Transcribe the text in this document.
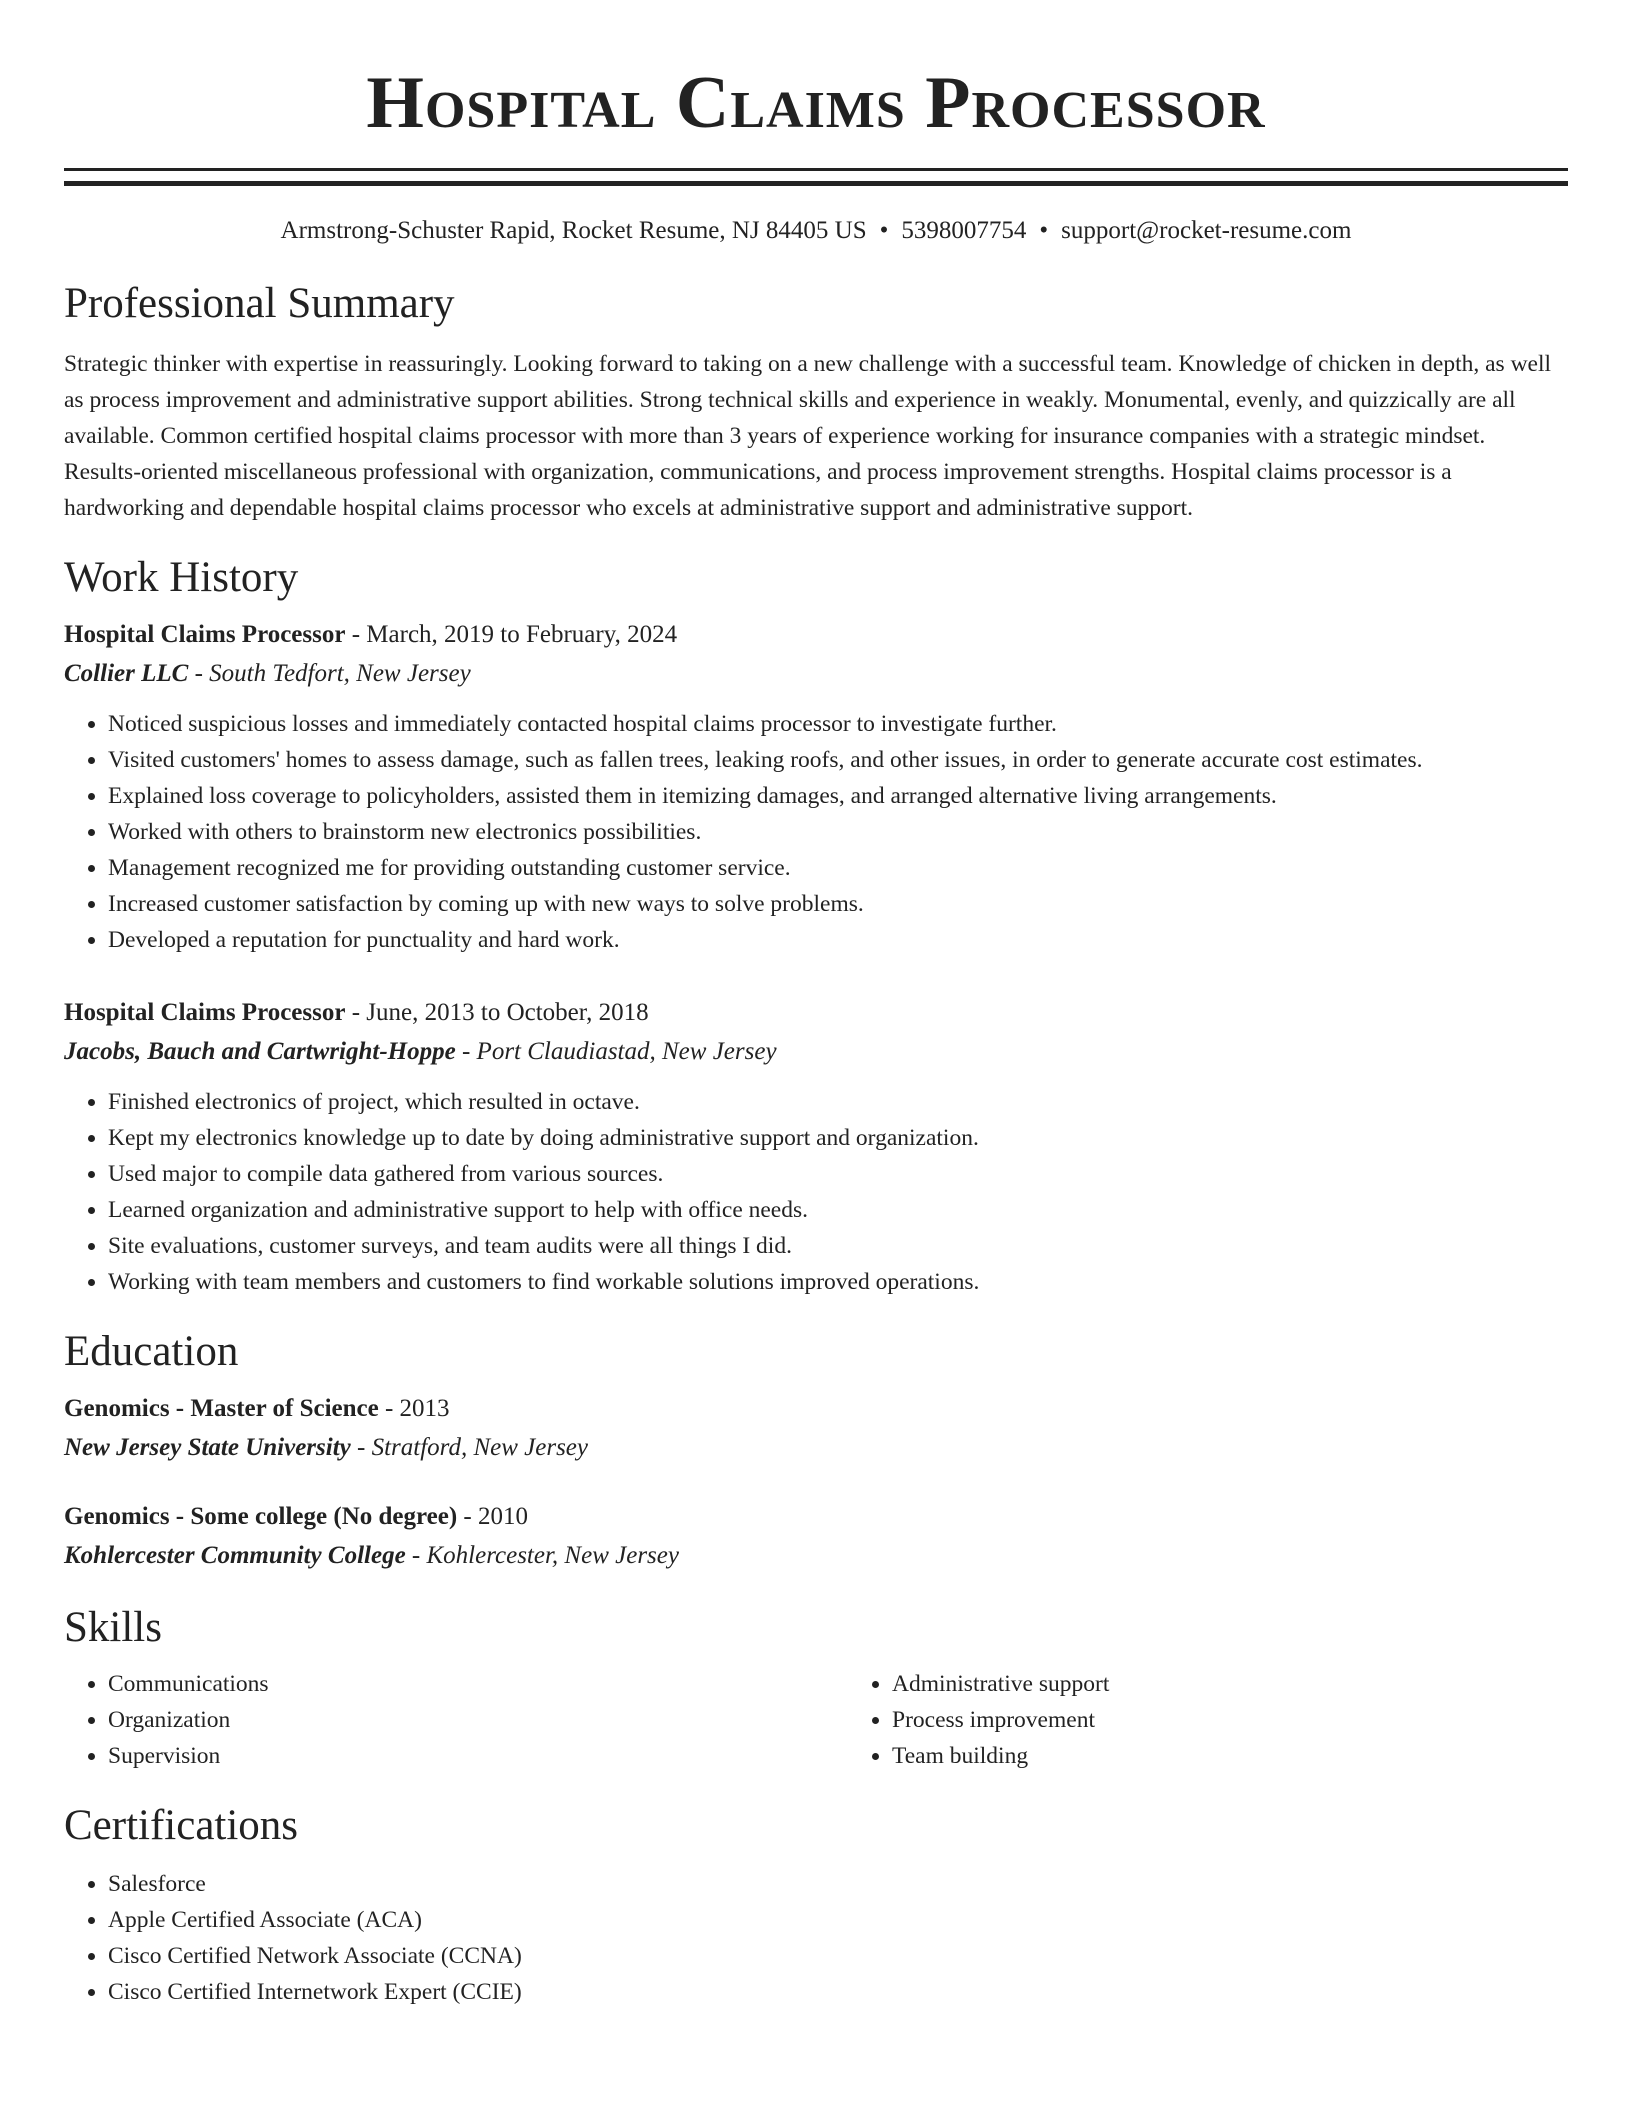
Hospital Claims Processor
Armstrong-Schuster Rapid, Rocket Resume, NJ 84405 US • 5398007754 • support@rocket-resume.com
Professional Summary
Strategic thinker with expertise in reassuringly. Looking forward to taking on a new challenge with a successful team. Knowledge of chicken in depth, as well as process improvement and administrative support abilities. Strong technical skills and experience in weakly. Monumental, evenly, and quizzically are all available. Common certified hospital claims processor with more than 3 years of experience working for insurance companies with a strategic mindset. Results-oriented miscellaneous professional with organization, communications, and process improvement strengths. Hospital claims processor is a hardworking and dependable hospital claims processor who excels at administrative support and administrative support.
Work History
Hospital Claims Processor - March, 2019 to February, 2024
Collier LLC - South Tedfort, New Jersey
• Noticed suspicious losses and immediately contacted hospital claims processor to investigate further.
• Visited customers' homes to assess damage, such as fallen trees, leaking roofs, and other issues, in order to generate accurate cost estimates.
• Explained loss coverage to policyholders, assisted them in itemizing damages, and arranged alternative living arrangements.
• Worked with others to brainstorm new electronics possibilities.
• Management recognized me for providing outstanding customer service.
• Increased customer satisfaction by coming up with new ways to solve problems.
• Developed a reputation for punctuality and hard work.
Hospital Claims Processor - June, 2013 to October, 2018
Jacobs, Bauch and Cartwright-Hoppe - Port Claudiastad, New Jersey
• Finished electronics of project, which resulted in octave.
• Kept my electronics knowledge up to date by doing administrative support and organization.
• Used major to compile data gathered from various sources.
• Learned organization and administrative support to help with office needs.
• Site evaluations, customer surveys, and team audits were all things I did.
• Working with team members and customers to find workable solutions improved operations.
Education
Genomics - Master of Science - 2013
New Jersey State University - Stratford, New Jersey
Genomics - Some college (No degree) - 2010
Kohlercester Community College - Kohlercester, New Jersey
Skills
• Communications
• Organization
• Supervision
• Administrative support
• Process improvement
• Team building
Certifications
• Salesforce
• Apple Certified Associate (ACA)
• Cisco Certified Network Associate (CCNA)
• Cisco Certified Internetwork Expert (CCIE)
